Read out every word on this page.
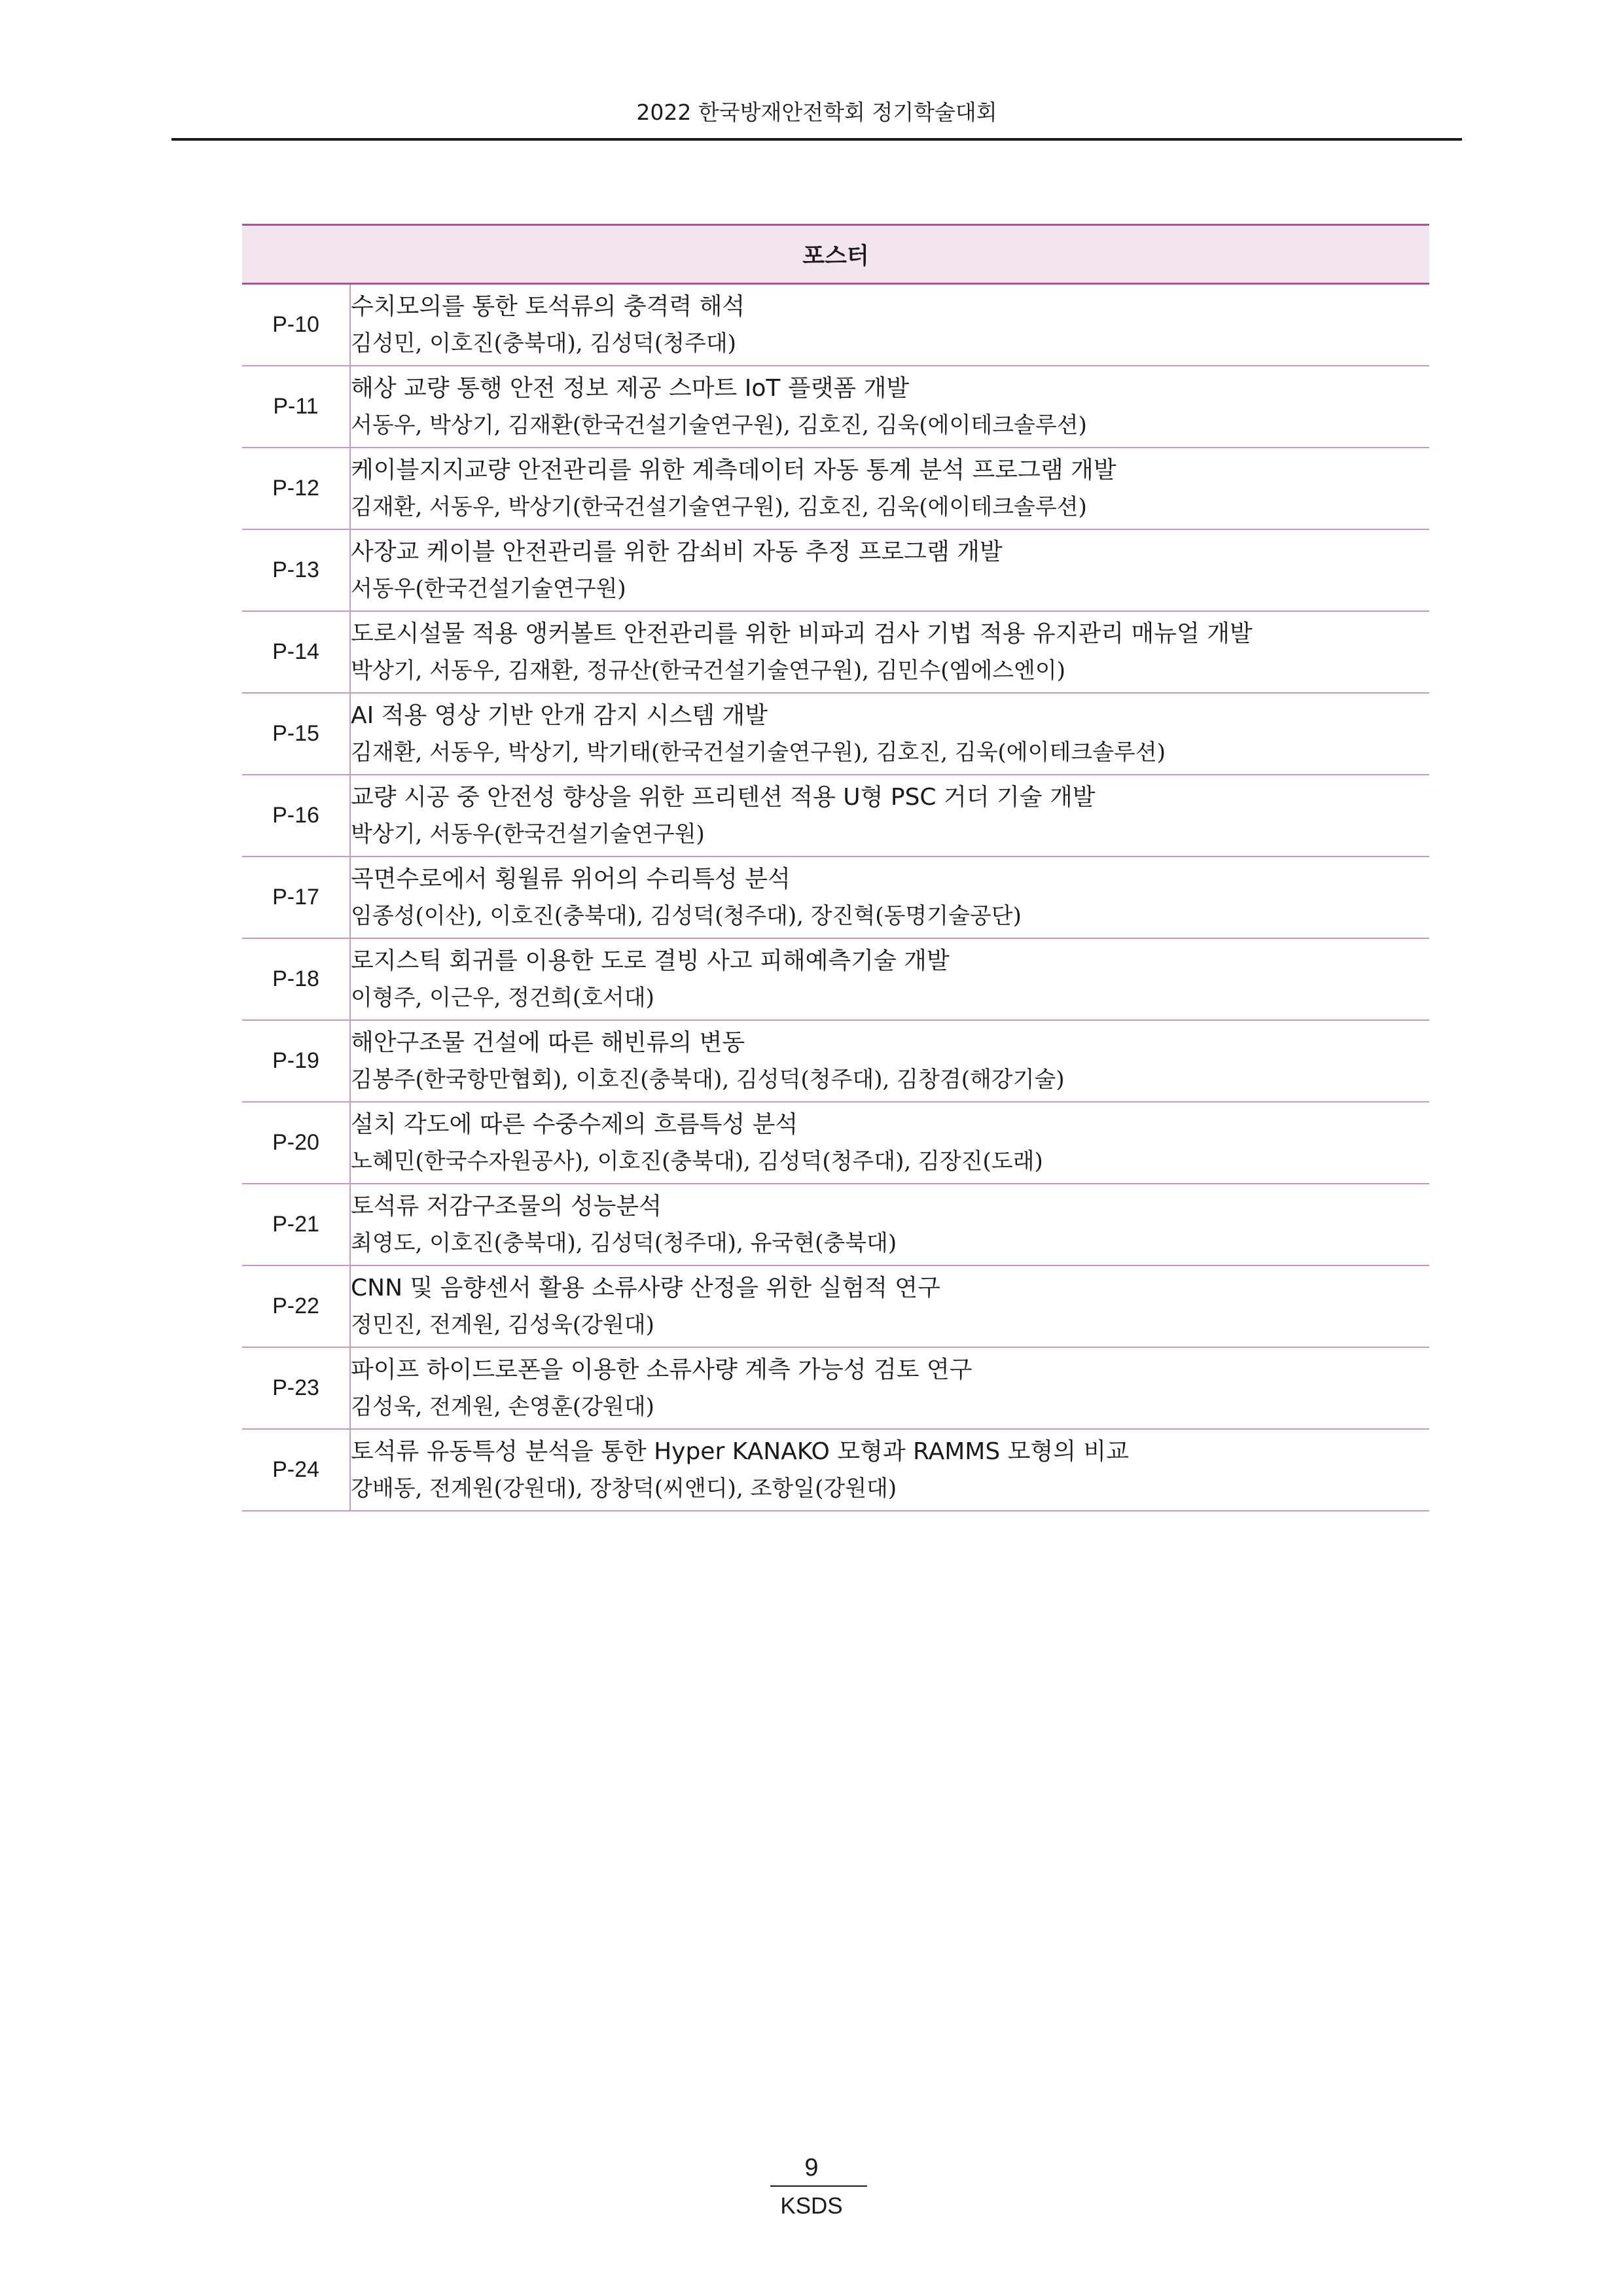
2022 한국방재안전학회 정기학술대회
포스터	
P-10	수치모의를 통한 토석류의 충격력 해석
김성민, 이호진(충북대), 김성덕(청주대)

P-11	해상 교량 통행 안전 정보 제공 스마트 IoT 플랫폼 개발
서동우, 박상기, 김재환(한국건설기술연구원), 김호진, 김욱(에이테크솔루션)

P-12	케이블지지교량 안전관리를 위한 계측데이터 자동 통계 분석 프로그램 개발
김재환, 서동우, 박상기(한국건설기술연구원), 김호진, 김욱(에이테크솔루션)

P-13	사장교 케이블 안전관리를 위한 감쇠비 자동 추정 프로그램 개발
서동우(한국건설기술연구원)

P-14	도로시설물 적용 앵커볼트 안전관리를 위한 비파괴 검사 기법 적용 유지관리 매뉴얼 개발
박상기, 서동우, 김재환, 정규산(한국건설기술연구원), 김민수(엠에스엔이)

P-15	AI 적용 영상 기반 안개 감지 시스템 개발
김재환, 서동우, 박상기, 박기태(한국건설기술연구원), 김호진, 김욱(에이테크솔루션)

P-16	교량 시공 중 안전성 향상을 위한 프리텐션 적용 U형 PSC 거더 기술 개발
박상기, 서동우(한국건설기술연구원)

P-17	곡면수로에서 횡월류 위어의 수리특성 분석
임종성(이산), 이호진(충북대), 김성덕(청주대), 장진혁(동명기술공단)

P-18	로지스틱 회귀를 이용한 도로 결빙 사고 피해예측기술 개발
이형주, 이근우, 정건희(호서대)

P-19	해안구조물 건설에 따른 해빈류의 변동
김봉주(한국항만협회), 이호진(충북대), 김성덕(청주대), 김창겸(해강기술)

P-20	설치 각도에 따른 수중수제의 흐름특성 분석
노혜민(한국수자원공사), 이호진(충북대), 김성덕(청주대), 김장진(도래)

P-21	토석류 저감구조물의 성능분석
최영도, 이호진(충북대), 김성덕(청주대), 유국현(충북대)

P-22	CNN 및 음향센서 활용 소류사량 산정을 위한 실험적 연구
정민진, 전계원, 김성욱(강원대)

P-23	파이프 하이드로폰을 이용한 소류사량 계측 가능성 검토 연구
김성욱, 전계원, 손영훈(강원대)

P-24	토석류 유동특성 분석을 통한 Hyper KANAKO 모형과 RAMMS 모형의 비교
강배동, 전계원(강원대), 장창덕(씨앤디), 조항일(강원대)
9
KSDS
